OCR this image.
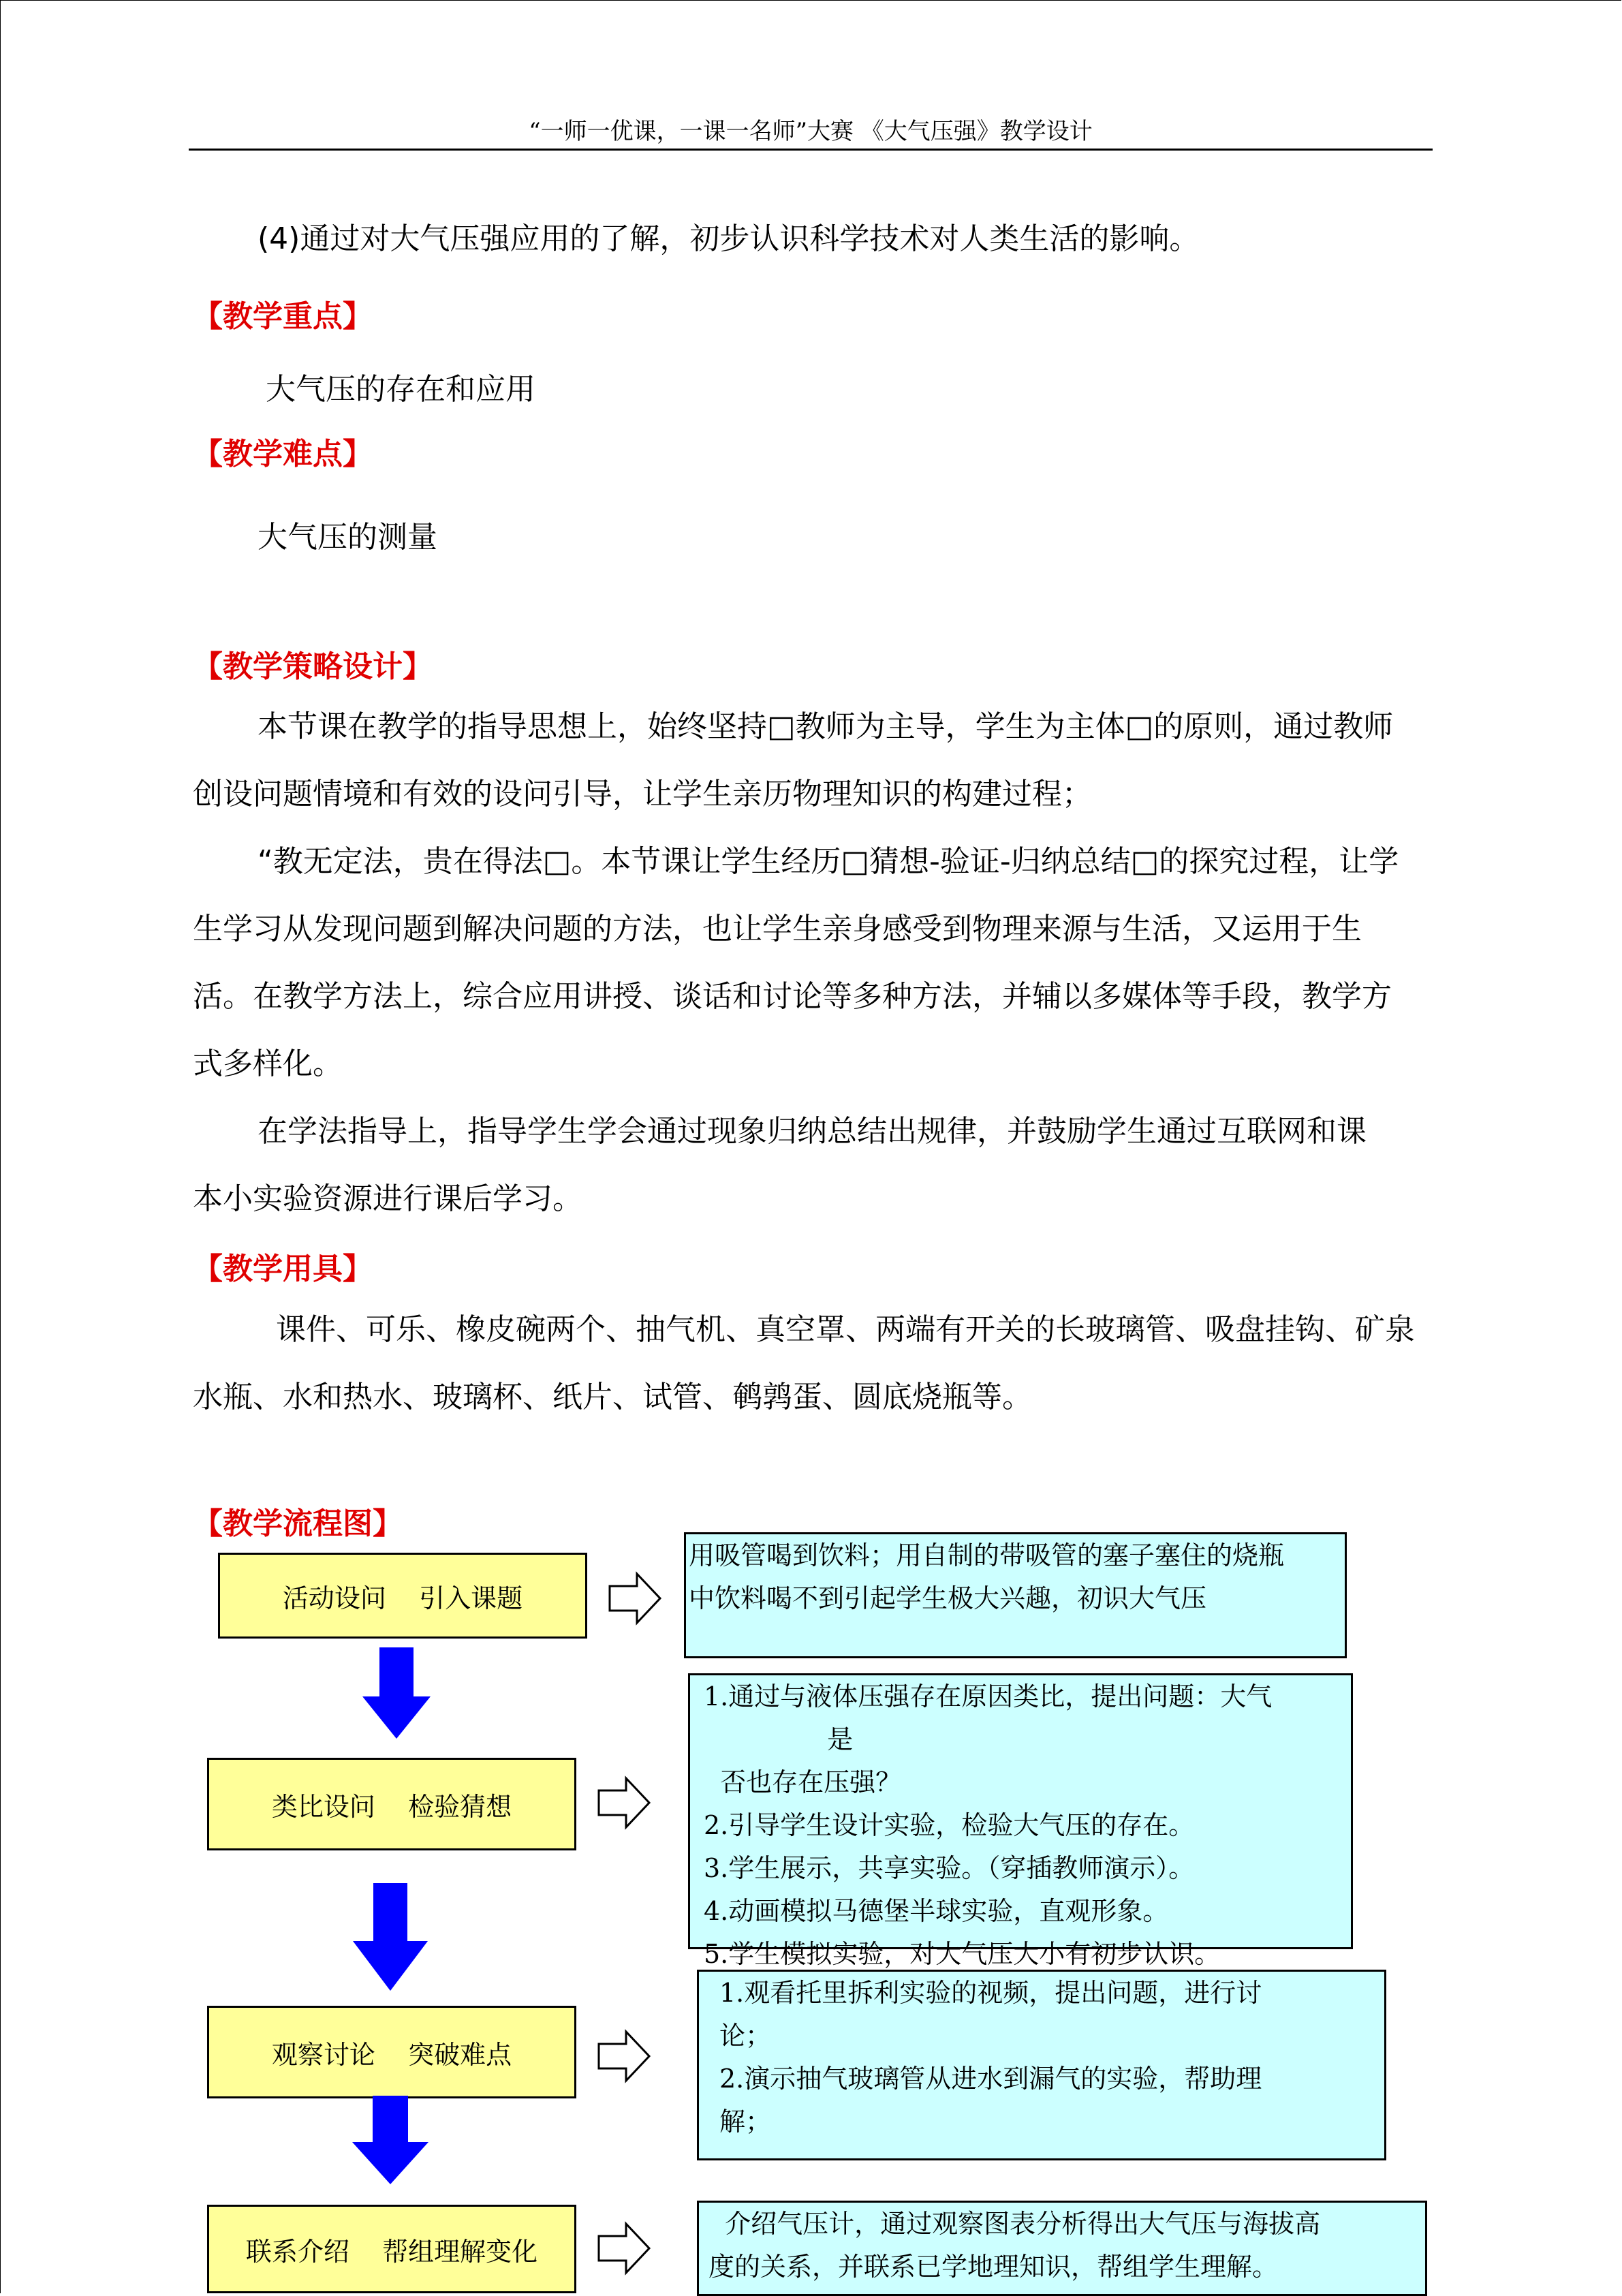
“一师一优课，一课一名师”大赛 《大气压强》教学设计
(4)通过对大气压强应用的了解，初步认识科学技术对人类生活的影响。
【教学重点】
大气压的存在和应用
【教学难点】
大气压的测量
【教学策略设计】
本节课在教学的指导思想上，始终坚持□教师为主导，学生为主体□的原则，通过教师
创设问题情境和有效的设问引导，让学生亲历物理知识的构建过程；
“教无定法，贵在得法□。本节课让学生经历□猜想-验证-归纳总结□的探究过程，让学
生学习从发现问题到解决问题的方法，也让学生亲身感受到物理来源与生活，又运用于生
活。在教学方法上，综合应用讲授、谈话和讨论等多种方法，并辅以多媒体等手段，教学方
式多样化。
在学法指导上，指导学生学会通过现象归纳总结出规律，并鼓励学生通过互联网和课
本小实验资源进行课后学习。
【教学用具】
课件、可乐、橡皮碗两个、抽气机、真空罩、两端有开关的长玻璃管、吸盘挂钩、矿泉
水瓶、水和热水、玻璃杯、纸片、试管、鹌鹑蛋、圆底烧瓶等。
【教学流程图】
活动设问    引入课题
用吸管喝到饮料；用自制的带吸管的塞子塞住的烧瓶
中饮料喝不到引起学生极大兴趣，初识大气压
类比设问    检验猜想
1.通过与液体压强存在原因类比，提出问题：大气
是
否也存在压强？
2.引导学生设计实验，检验大气压的存在。
3.学生展示，共享实验。（穿插教师演示）。
4.动画模拟马德堡半球实验，直观形象。
5.学生模拟实验，对大气压大小有初步认识。
观察讨论    突破难点
1.观看托里拆利实验的视频，提出问题，进行讨
论；
2.演示抽气玻璃管从进水到漏气的实验，帮助理
解；
联系介绍    帮组理解变化
介绍气压计，通过观察图表分析得出大气压与海拔高
度的关系，并联系已学地理知识，帮组学生理解。
